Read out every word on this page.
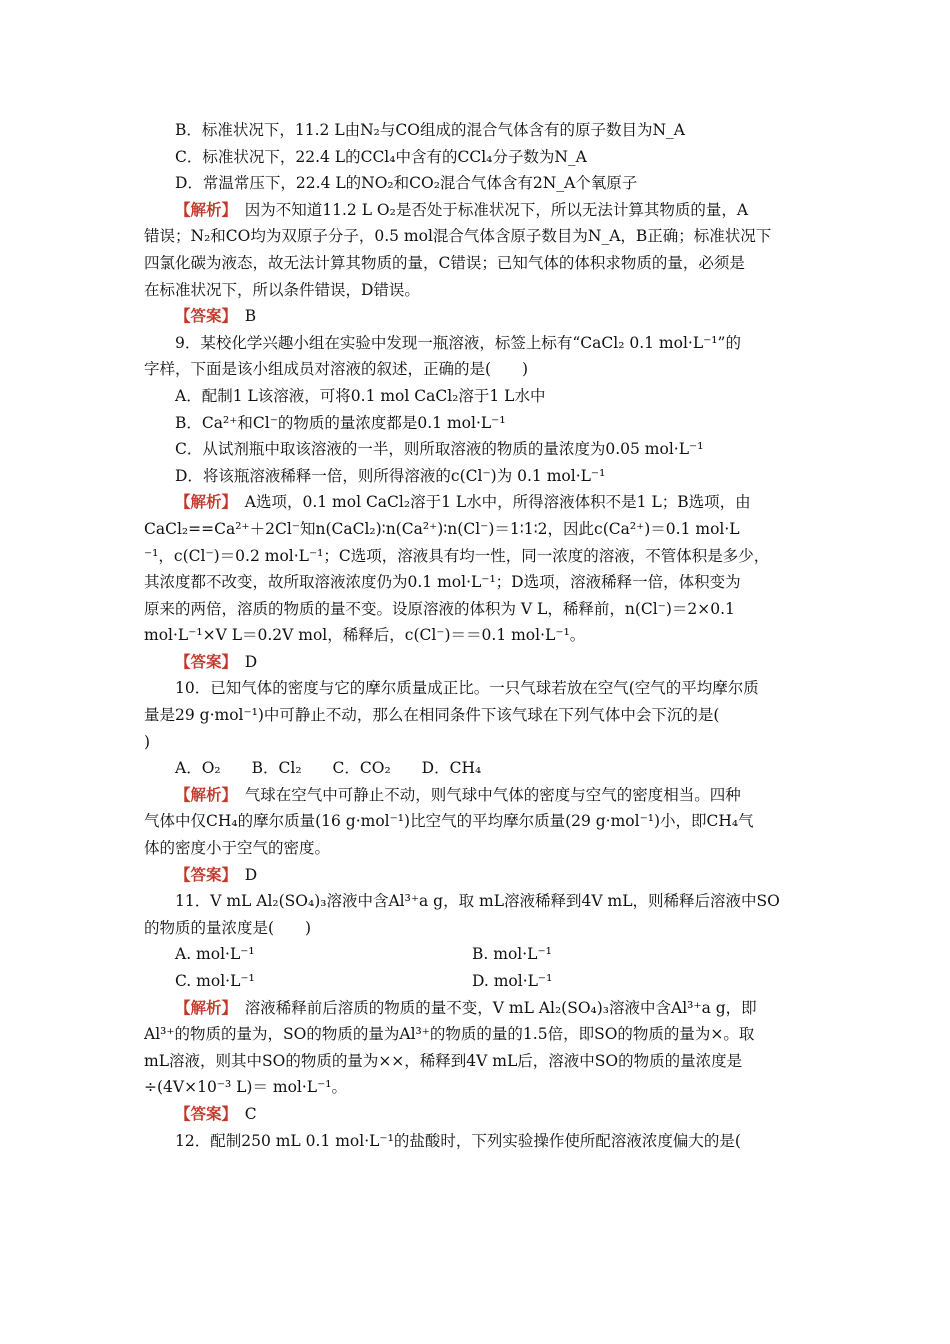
B．标准状况下，11.2 L由N₂与CO组成的混合气体含有的原子数目为N_A
C．标准状况下，22.4 L的CCl₄中含有的CCl₄分子数为N_A
D．常温常压下，22.4 L的NO₂和CO₂混合气体含有2N_A个氧原子
【解析】　因为不知道11.2 L O₂是否处于标准状况下，所以无法计算其物质的量，A
错误；N₂和CO均为双原子分子，0.5 mol混合气体含原子数目为N_A，B正确；标准状况下
四氯化碳为液态，故无法计算其物质的量，C错误；已知气体的体积求物质的量，必须是
在标准状况下，所以条件错误，D错误。
【答案】　B
9．某校化学兴趣小组在实验中发现一瓶溶液，标签上标有“CaCl₂ 0.1 mol·L⁻¹”的
字样，下面是该小组成员对溶液的叙述，正确的是(　　)
A．配制1 L该溶液，可将0.1 mol CaCl₂溶于1 L水中
B．Ca²⁺和Cl⁻的物质的量浓度都是0.1 mol·L⁻¹
C．从试剂瓶中取该溶液的一半，则所取溶液的物质的量浓度为0.05 mol·L⁻¹
D．将该瓶溶液稀释一倍，则所得溶液的c(Cl⁻)为 0.1 mol·L⁻¹
【解析】　A选项，0.1 mol CaCl₂溶于1 L水中，所得溶液体积不是1 L；B选项，由
CaCl₂==Ca²⁺＋2Cl⁻知n(CaCl₂)∶n(Ca²⁺)∶n(Cl⁻)＝1∶1∶2，因此c(Ca²⁺)＝0.1 mol·L
⁻¹，c(Cl⁻)＝0.2 mol·L⁻¹；C选项，溶液具有均一性，同一浓度的溶液，不管体积是多少，
其浓度都不改变，故所取溶液浓度仍为0.1 mol·L⁻¹；D选项，溶液稀释一倍，体积变为
原来的两倍，溶质的物质的量不变。设原溶液的体积为 V L，稀释前，n(Cl⁻)＝2×0.1
mol·L⁻¹×V L＝0.2V mol，稀释后，c(Cl⁻)＝＝0.1 mol·L⁻¹。
【答案】　D
10．已知气体的密度与它的摩尔质量成正比。一只气球若放在空气(空气的平均摩尔质
量是29 g·mol⁻¹)中可静止不动，那么在相同条件下该气球在下列气体中会下沉的是(
)
A．O₂　　B．Cl₂　　C．CO₂　　D．CH₄
【解析】　气球在空气中可静止不动，则气球中气体的密度与空气的密度相当。四种
气体中仅CH₄的摩尔质量(16 g·mol⁻¹)比空气的平均摩尔质量(29 g·mol⁻¹)小，即CH₄气
体的密度小于空气的密度。
【答案】　D
11．V mL Al₂(SO₄)₃溶液中含Al³⁺a g，取 mL溶液稀释到4V mL，则稀释后溶液中SO
的物质的量浓度是(　　)
A. mol·L⁻¹	B. mol·L⁻¹
C. mol·L⁻¹	D. mol·L⁻¹
【解析】　溶液稀释前后溶质的物质的量不变，V mL Al₂(SO₄)₃溶液中含Al³⁺a g，即
Al³⁺的物质的量为，SO的物质的量为Al³⁺的物质的量的1.5倍，即SO的物质的量为×。取
mL溶液，则其中SO的物质的量为××，稀释到4V mL后，溶液中SO的物质的量浓度是
÷(4V×10⁻³ L)＝ mol·L⁻¹。
【答案】　C
12．配制250 mL 0.1 mol·L⁻¹的盐酸时，下列实验操作使所配溶液浓度偏大的是(
